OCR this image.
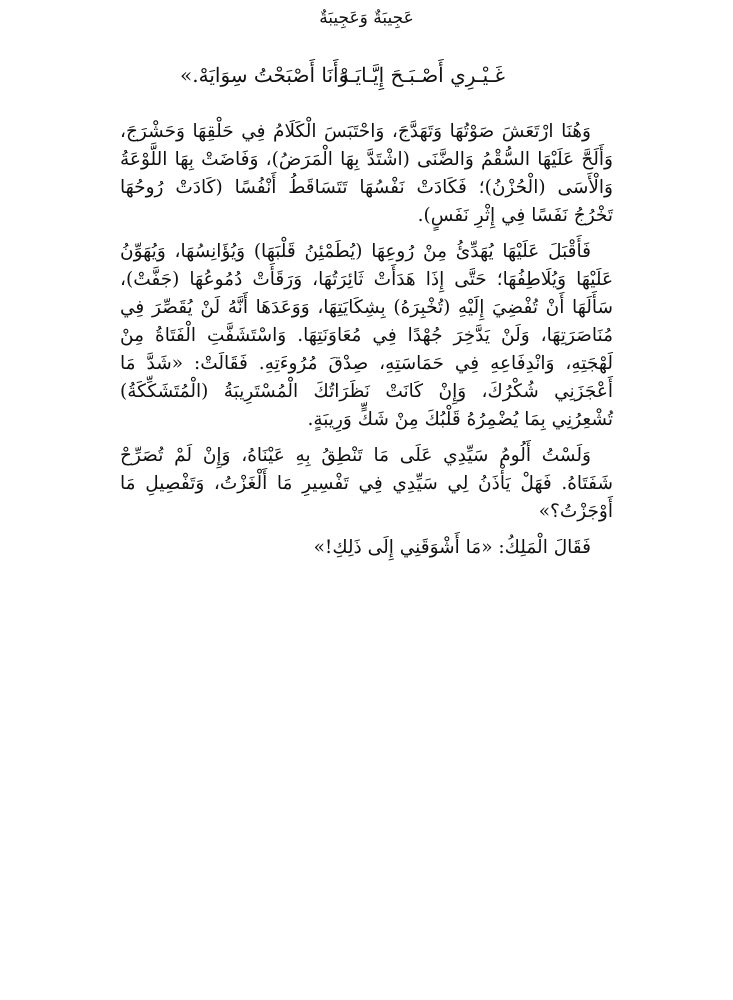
عَجِيبَةٌ وَعَجِيبَةٌ
غَـيْـرِي أَصْـبَـحَ إِيَّـايَـهْ
وَأَنَا أَصْبَحْتُ سِوَايَهْ.»

وَهُنَا ارْتَعَشَ صَوْتُهَا وَتَهَدَّجَ، وَاحْتَبَسَ الْكَلَامُ فِي حَلْقِهَا وَحَشْرَجَ، وَأَلَحَّ عَلَيْهَا السُّقْمُ وَالضَّنَى (اشْتَدَّ بِهَا الْمَرَضُ)، وَفَاضَتْ بِهَا اللَّوْعَةُ وَالْأَسَى (الْحُزْنُ)؛ فَكَادَتْ نَفْسُهَا تَتَسَاقَطُ أَنْفُسًا (كَادَتْ رُوحُهَا تَخْرُجُ نَفَسًا فِي إِثْرِ نَفَسٍ).

فَأَقْبَلَ عَلَيْهَا يُهَدِّئُ مِنْ رُوعِهَا (يُطَمْئِنُ قَلْبَهَا) وَيُؤَانِسُهَا، وَيُهَوِّنُ عَلَيْهَا وَيُلَاطِفُهَا؛ حَتَّى إِذَا هَدَأَتْ ثَائِرَتُهَا، وَرَقَأَتْ دُمُوعُهَا (جَفَّتْ)، سَأَلَهَا أَنْ تُفْضِيَ إِلَيْهِ (تُخْبِرَهُ) بِشِكَايَتِهَا، وَوَعَدَهَا أَنَّهُ لَنْ يُقَصِّرَ فِي مُنَاصَرَتِهَا، وَلَنْ يَدَّخِرَ جُهْدًا فِي مُعَاوَنَتِهَا. وَاسْتَشَفَّتِ الْفَتَاةُ مِنْ لَهْجَتِهِ، وَانْدِفَاعِهِ فِي حَمَاسَتِهِ، صِدْقَ مُرُوءَتِهِ. فَقَالَتْ: «شَدَّ مَا أَعْجَزَنِي شُكْرُكَ، وَإِنْ كَانَتْ نَظَرَاتُكَ الْمُسْتَرِيبَةُ (الْمُتَشَكِّكَةُ) تُشْعِرُنِي بِمَا يُضْمِرُهُ قَلْبُكَ مِنْ شَكٍّ وَرِيبَةٍ.

وَلَسْتُ أَلُومُ سَيِّدِي عَلَى مَا تَنْطِقُ بِهِ عَيْنَاهُ، وَإِنْ لَمْ تُصَرِّحْ شَفَتَاهُ. فَهَلْ يَأْذَنُ لِي سَيِّدِي فِي تَفْسِيرِ مَا أَلْغَزْتُ، وَتَفْصِيلِ مَا أَوْجَزْتُ؟»

فَقَالَ الْمَلِكُ: «مَا أَشْوَقَنِي إِلَى ذَلِكِ!»
